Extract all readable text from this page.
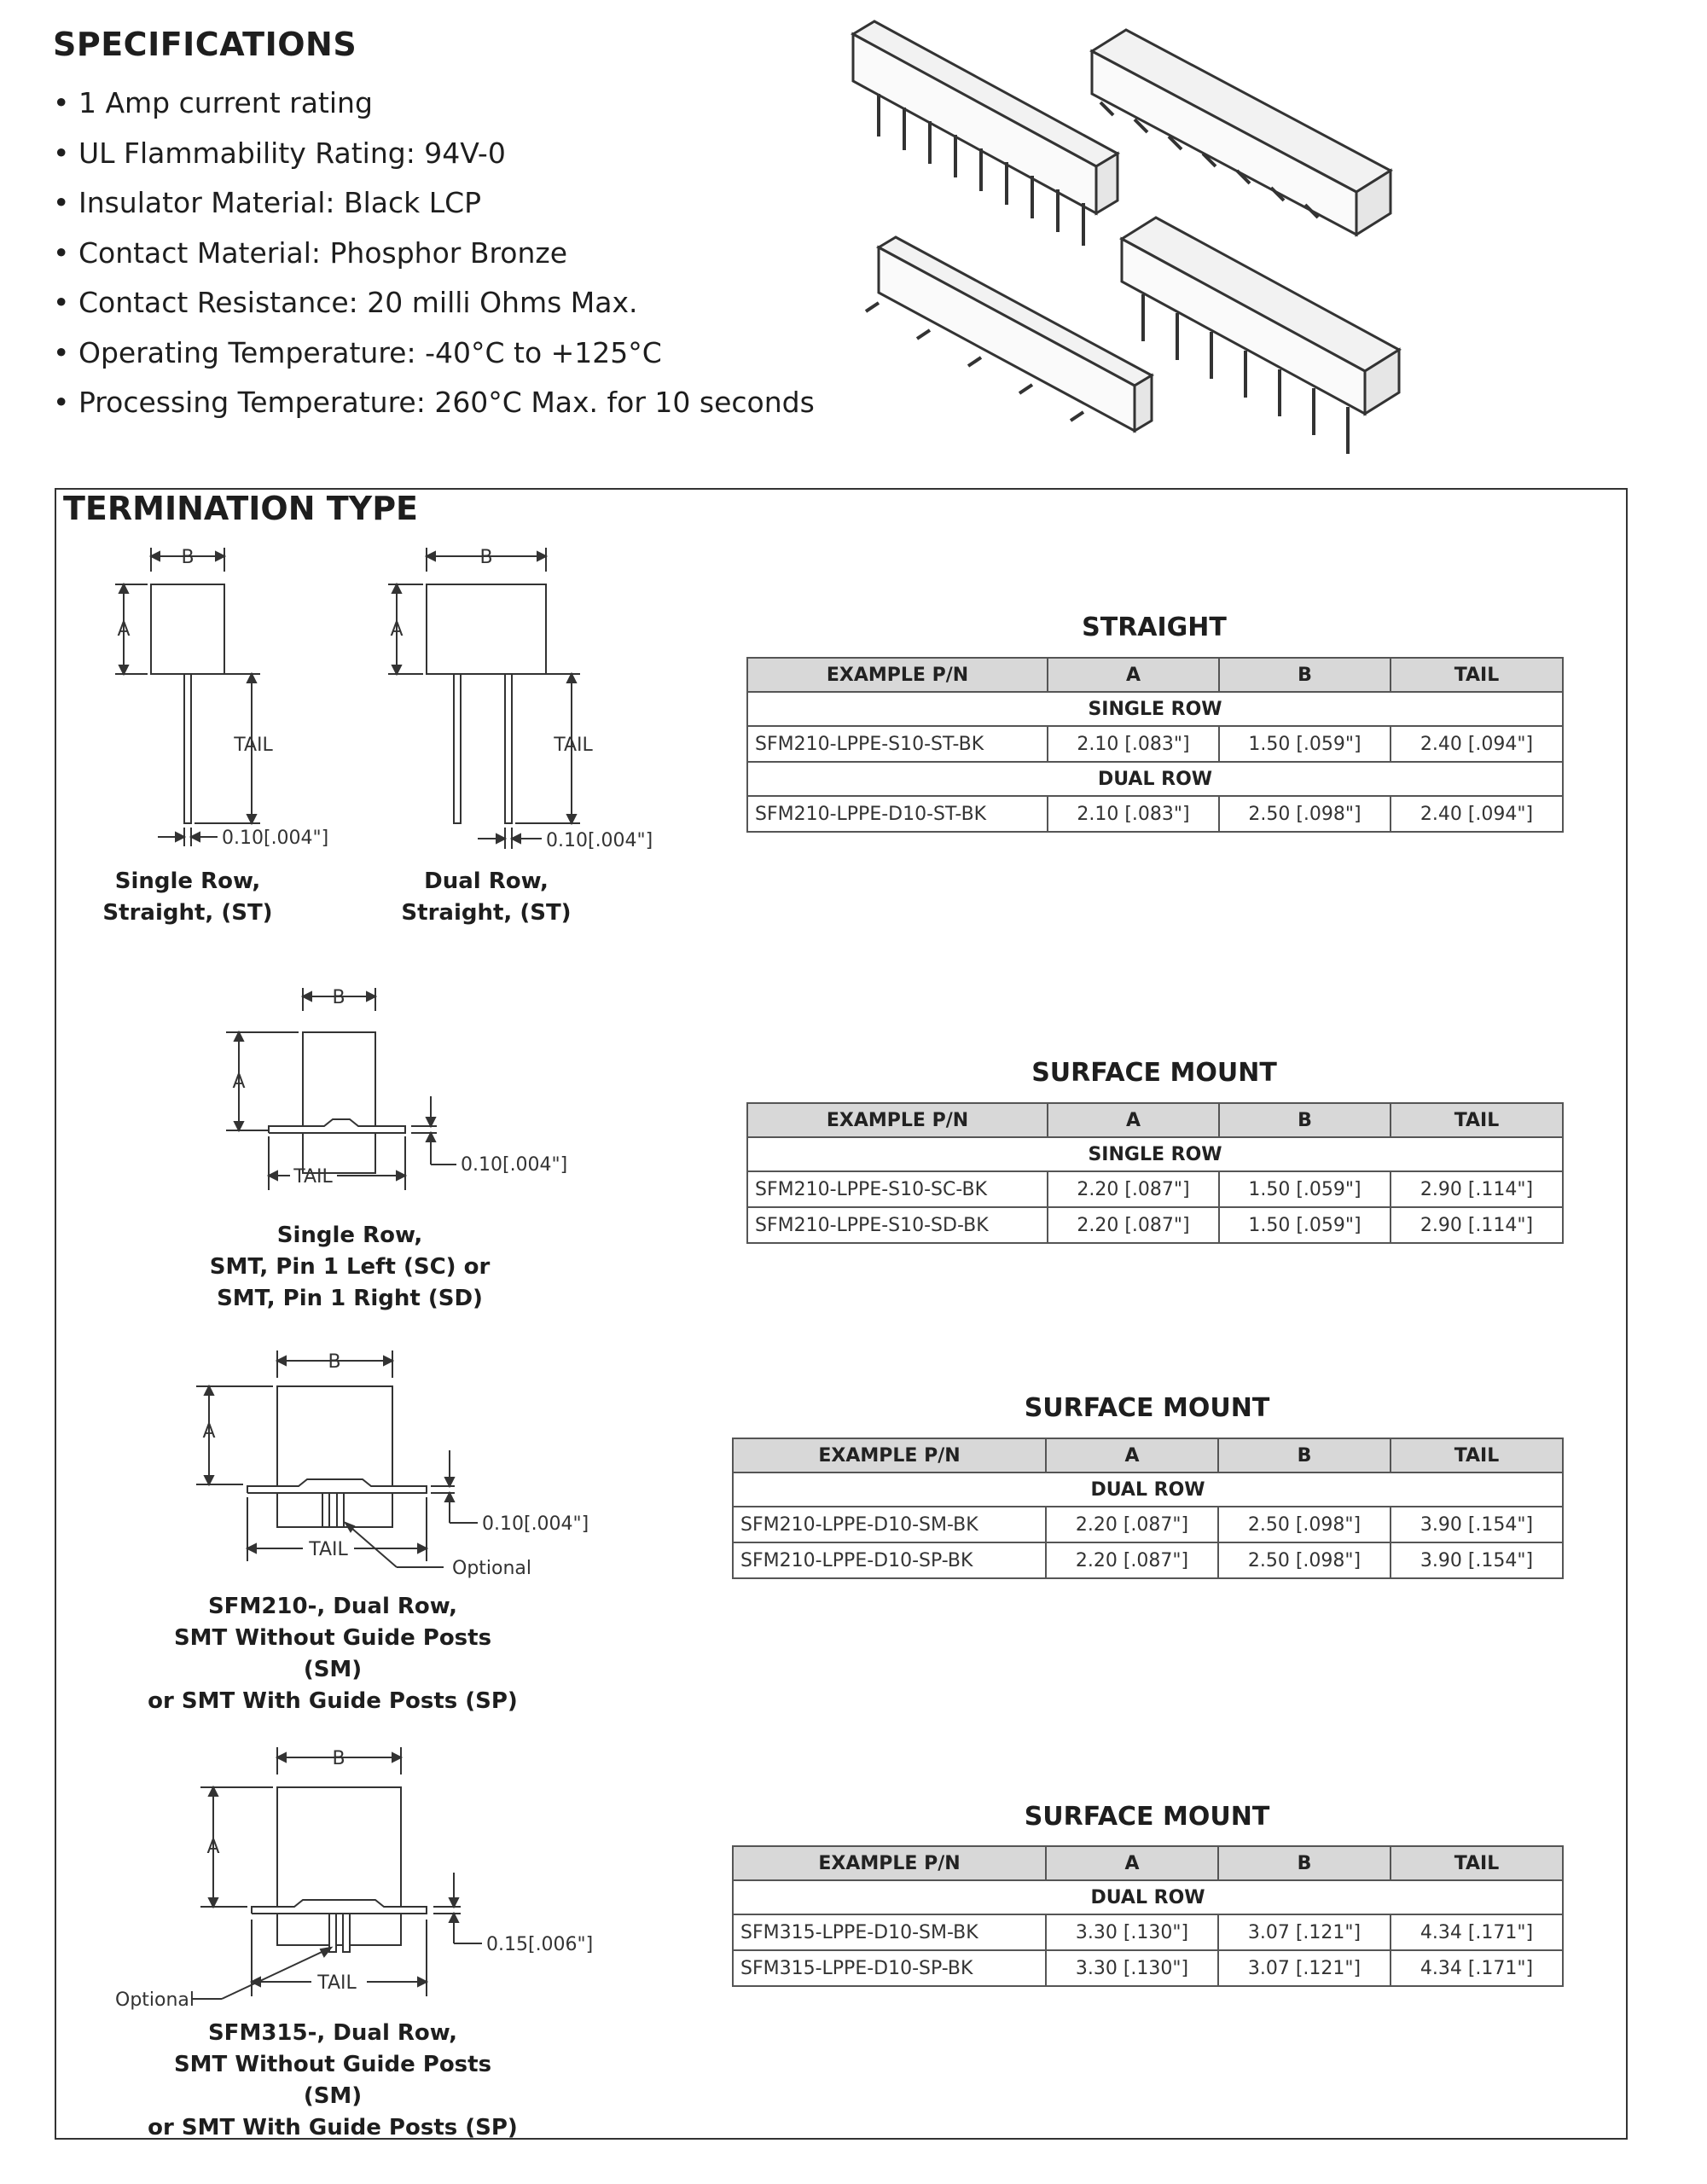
SPECIFICATIONS
• 1 Amp current rating
• UL Flammability Rating: 94V-0
• Insulator Material: Black LCP
• Contact Material: Phosphor Bronze
• Contact Resistance: 20 milli Ohms Max.
• Operating Temperature: -40°C to +125°C
• Processing Temperature: 260°C Max. for 10 seconds
TERMINATION TYPE
B
A
TAIL
0.10[.004"]
Single Row,
Straight, (ST)
B
A
TAIL
0.10[.004"]
Dual Row,
Straight, (ST)
B
A
TAIL
0.10[.004"]
Single Row,
SMT, Pin 1 Left (SC) or
SMT, Pin 1 Right (SD)
B
A
TAIL
0.10[.004"]
Optional
SFM210-, Dual Row,
SMT Without Guide Posts (SM)
or SMT With Guide Posts (SP)
B
A
TAIL
0.15[.006"]
Optional
SFM315-, Dual Row,
SMT Without Guide Posts (SM)
or SMT With Guide Posts (SP)
STRAIGHT
EXAMPLE P/N	A	B	TAIL
SINGLE ROW			
SFM210-LPPE-S10-ST-BK	2.10 [.083"]	1.50 [.059"]	2.40 [.094"]
DUAL ROW			
SFM210-LPPE-D10-ST-BK	2.10 [.083"]	2.50 [.098"]	2.40 [.094"]
SURFACE MOUNT
EXAMPLE P/N	A	B	TAIL
SINGLE ROW			
SFM210-LPPE-S10-SC-BK	2.20 [.087"]	1.50 [.059"]	2.90 [.114"]
SFM210-LPPE-S10-SD-BK	2.20 [.087"]	1.50 [.059"]	2.90 [.114"]
SURFACE MOUNT
EXAMPLE P/N	A	B	TAIL
DUAL ROW			
SFM210-LPPE-D10-SM-BK	2.20 [.087"]	2.50 [.098"]	3.90 [.154"]
SFM210-LPPE-D10-SP-BK	2.20 [.087"]	2.50 [.098"]	3.90 [.154"]
SURFACE MOUNT
EXAMPLE P/N	A	B	TAIL
DUAL ROW			
SFM315-LPPE-D10-SM-BK	3.30 [.130"]	3.07 [.121"]	4.34 [.171"]
SFM315-LPPE-D10-SP-BK	3.30 [.130"]	3.07 [.121"]	4.34 [.171"]
